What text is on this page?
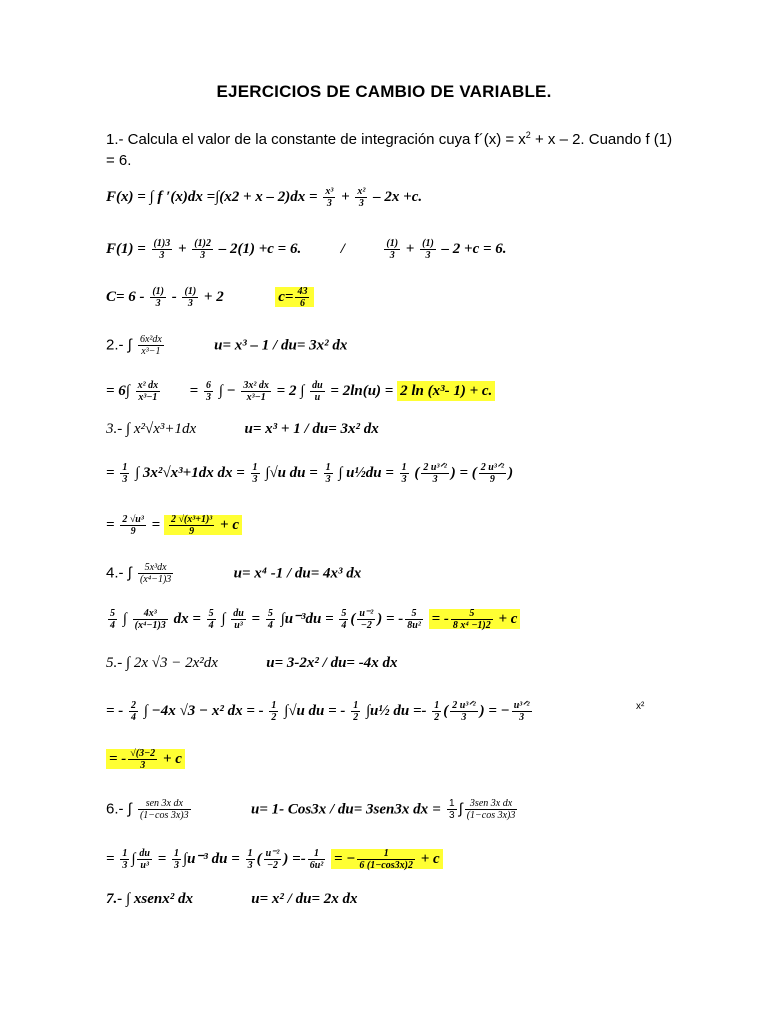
EJERCICIOS DE CAMBIO DE VARIABLE.
1.- Calcula el valor de la constante de integración cuya f´(x) = $x^2 + x - 2$. Cuando f (1)
= 6.
F(x) = ∫ f $'(x)dx =\int(x2 + x - 2)dx = \frac{\text{x³}}{3} + \frac{\text{x²}}{3} - 2x +c$.
$F(1) = \frac{(1)3}{3} + \frac{(1)2}{3} - 2(1) +c = 6$.	/	$\frac{(1)}{3} + \frac{(1)}{3} - 2 +c = 6$.
$C= 6 - \frac{(1)}{3} - \frac{(1)}{3} + 2$	$c= \frac{43}{6}$
2.- ∫ $\frac{\text{6x²dx}}{\text{x³−1}}$	u= x³ – 1 / du= 3x² dx
= $6\int \frac{\text{x² dx}}{\text{x³−1}} = \frac{6}{3}$ ∫ − $\frac{\text{3x² dx}}{\text{x³−1}} = 2$ ∫ $\frac{du}{u} = 2\ln(u) = 2$ ln (x³- 1) + c.
3.- ∫ x²√x³+1dx	u= x³ + 1 / du= 3x² dx
= $\frac{1}{3}$ ∫ 3x²√x³+1dx dx = $\frac{1}{3} \int√u$ du = $\frac{1}{3}$ ∫ u½du = $\frac{1}{3}$ ( $\frac{\text{2 u³ᐟ²}}{3}$ ) = ( $\frac{\text{2 u³ᐟ²}}{9}$ )
= $\frac{\text{2 √u³}}{9} = \frac{\text{2 √(x³+1)³}}{9} + c$
4.- ∫ $\frac{\text{5x³dx}}{\text{(x⁴−1)3}}$	u= x⁴ -1 / du= 4x³ dx
$\frac{5}{4}$ ∫ $\frac{\text{4x³}}{\text{(x⁴−1)3}}$ dx = $\frac{5}{4}$ ∫ $\frac{du}{\text{u³}} = \frac{5}{4} \int u^{-3}du = \frac{5}{4}$ ( $\frac{\text{u⁻²}}{-2}$ ) = - $\frac{5}{\text{8u²}}$ = - $\frac{5}{\text{8 x⁴ −1)2}} + c$
5.- ∫ 2x √3 − 2x²dx	u= 3-2x² / du= -4x dx
= - $\frac{2}{4}$ ∫ −4x √3 − x² dx = - $\frac{1}{2} \int√u$ du = - $\frac{1}{2}$ ∫u½ du =- $\frac{1}{2}$ ( $\frac{\text{2 u³ᐟ²}}{3}$ ) = − $\frac{\text{u³ᐟ²}}{3}$	x²
= - $\frac{√(3-2}{3} + c$
6.- ∫ $\frac{\text{sen 3x dx}}{(1-\cos 3x)3}$	u= 1- Cos3x / du= 3sen3x dx = $\frac{1}{3}$ ∫ $\frac{\text{3sen 3x dx}}{(1-\cos 3x)3}$
= $\frac{1}{3}$ ∫ $\frac{du}{\text{u³}} = \frac{1}{3} \int u^{-3}$ du = $\frac{1}{3}$ ( $\frac{\text{u⁻²}}{-2}$ ) =- $\frac{1}{\text{6u²}}$ = − $\frac{1}{6 (1-\cos 3x)2} + c$
7.- ∫ xsenx² dx	u= x² / du= 2x dx
